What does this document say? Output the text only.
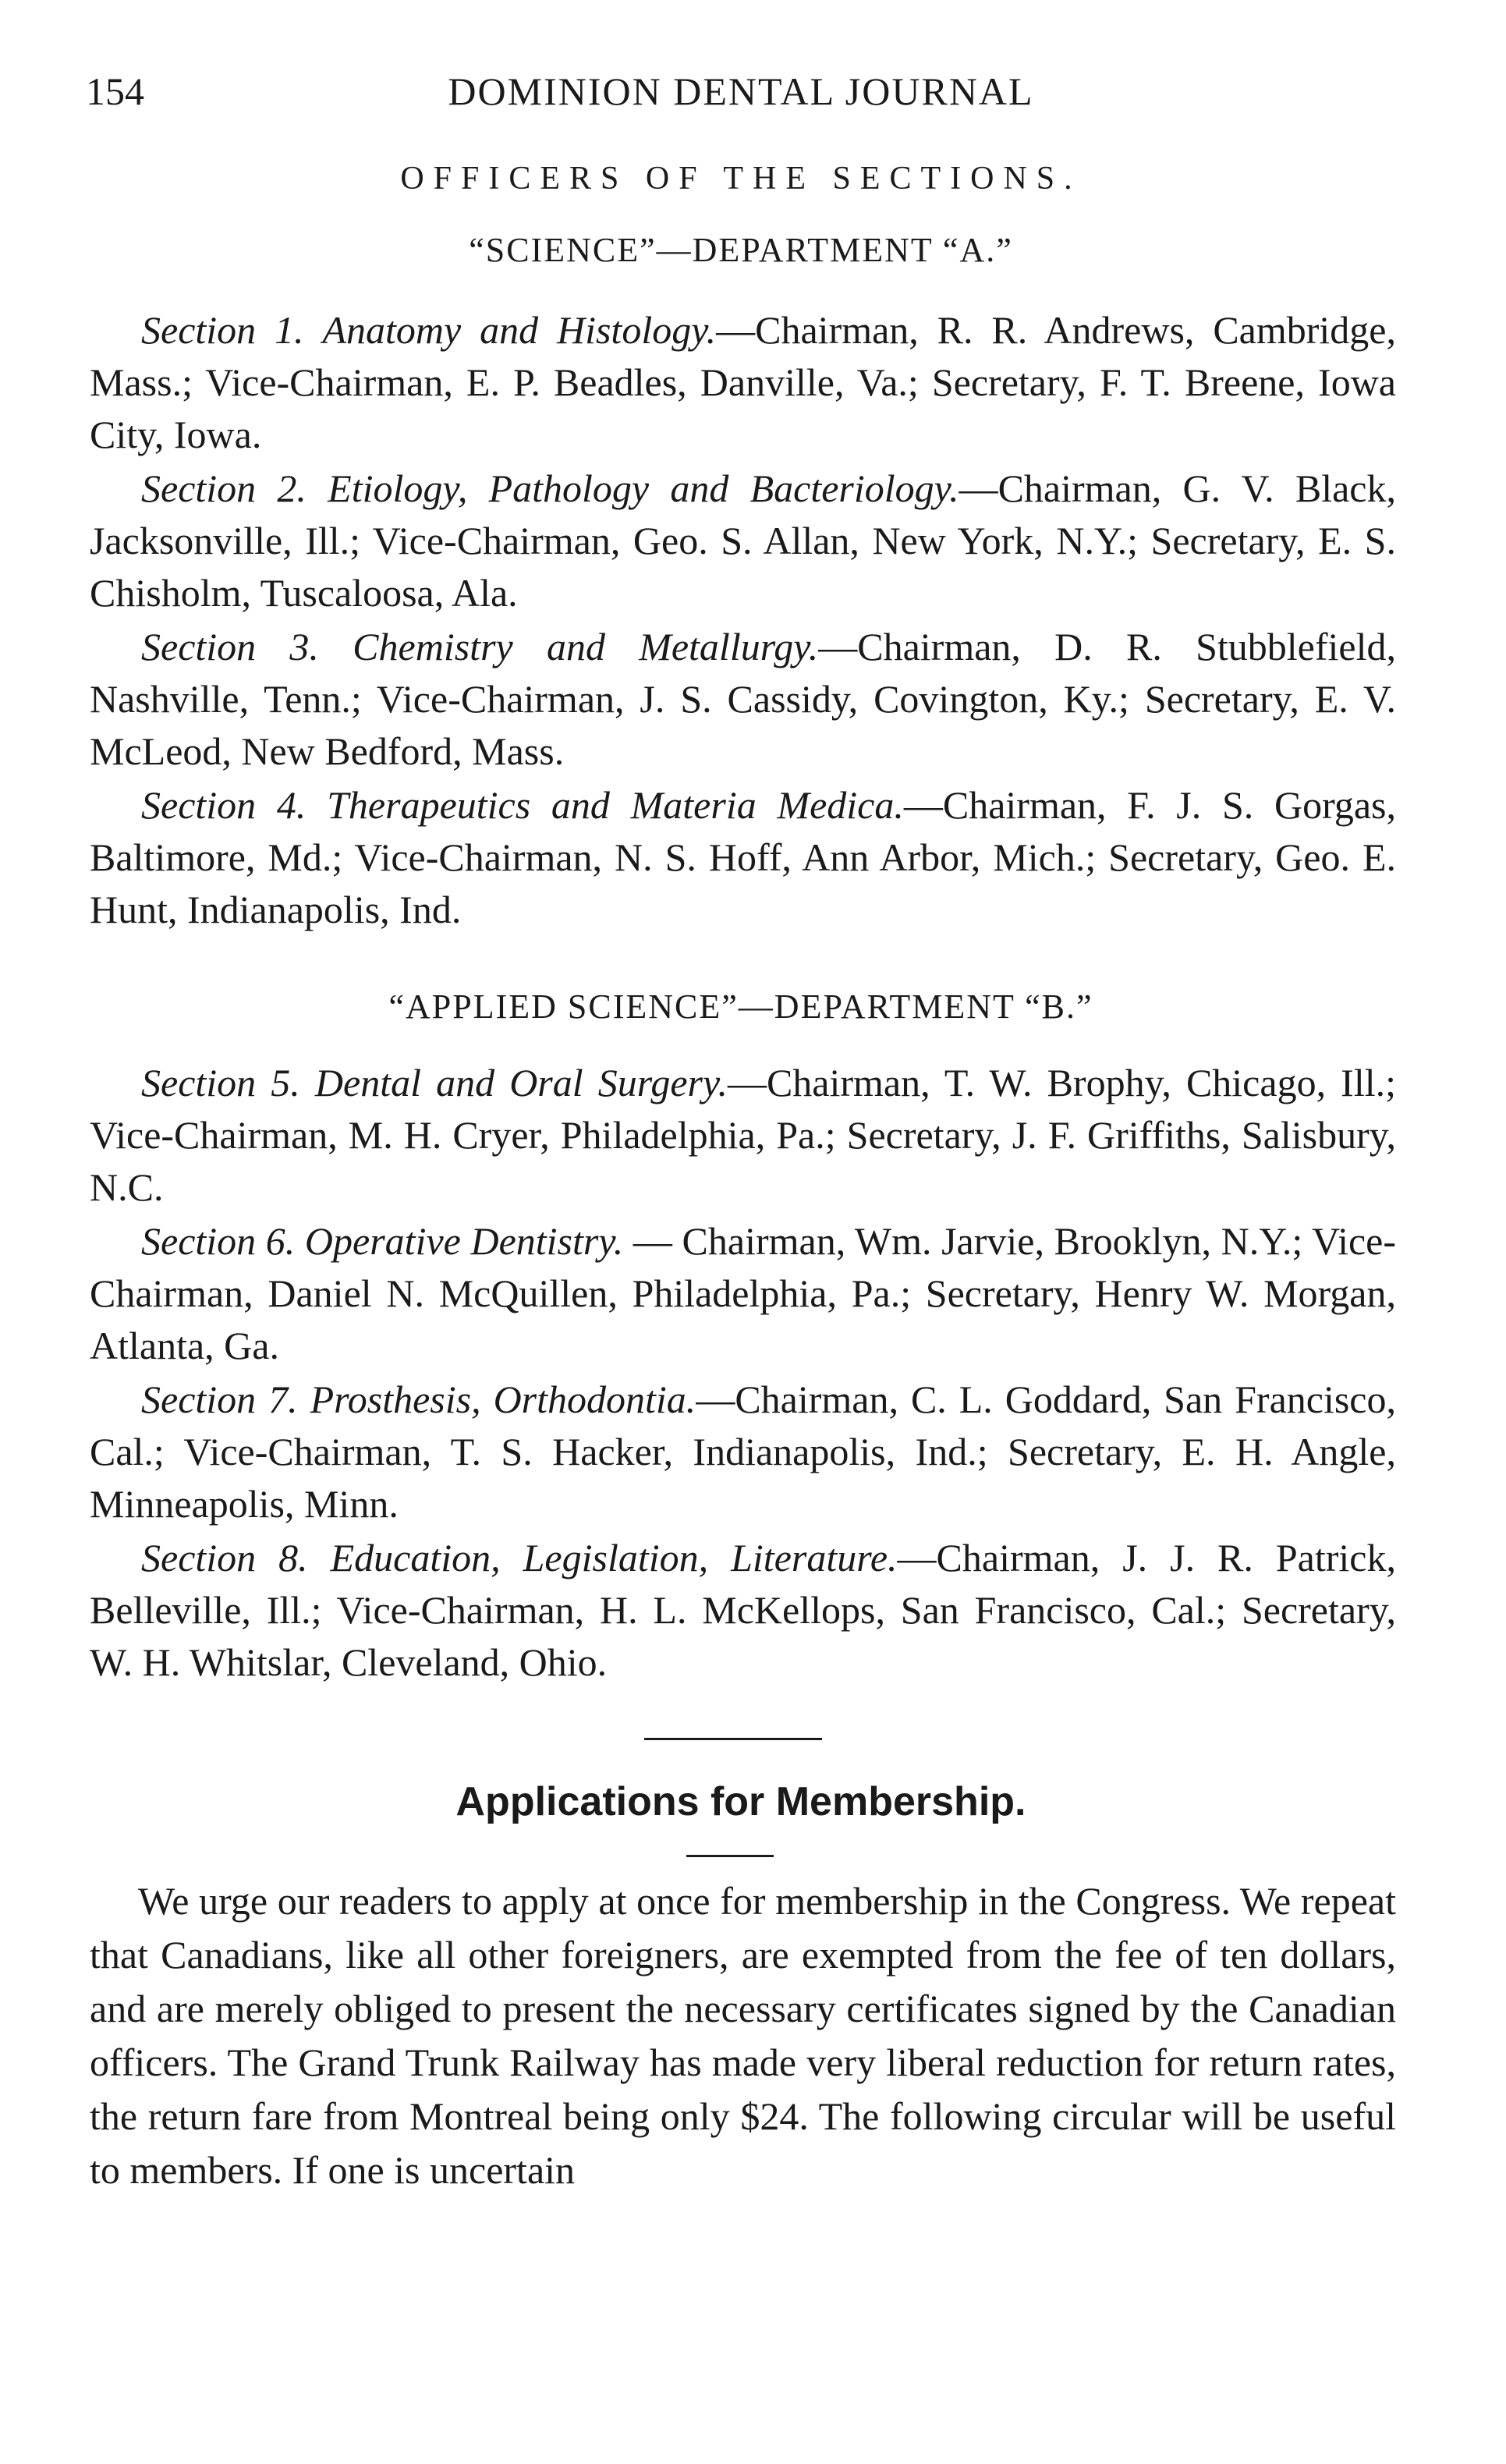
154	DOMINION DENTAL JOURNAL
OFFICERS OF THE SECTIONS.
“SCIENCE”—DEPARTMENT “A.”

Section 1. Anatomy and Histology.—Chairman, R. R. Andrews, Cambridge, Mass.; Vice-Chairman, E. P. Beadles, Danville, Va.; Secretary, F. T. Breene, Iowa City, Iowa.

Section 2. Etiology, Pathology and Bacteriology.—Chairman, G. V. Black, Jacksonville, Ill.; Vice-Chairman, Geo. S. Allan, New York, N.Y.; Secretary, E. S. Chisholm, Tuscaloosa, Ala.

Section 3. Chemistry and Metallurgy.—Chairman, D. R. Stubblefield, Nashville, Tenn.; Vice-Chairman, J. S. Cassidy, Covington, Ky.; Secretary, E. V. McLeod, New Bedford, Mass.

Section 4. Therapeutics and Materia Medica.—Chairman, F. J. S. Gorgas, Baltimore, Md.; Vice-Chairman, N. S. Hoff, Ann Arbor, Mich.; Secretary, Geo. E. Hunt, Indianapolis, Ind.

“APPLIED SCIENCE”—DEPARTMENT “B.”

Section 5. Dental and Oral Surgery.—Chairman, T. W. Brophy, Chicago, Ill.; Vice-Chairman, M. H. Cryer, Philadelphia, Pa.; Secretary, J. F. Griffiths, Salisbury, N.C.

Section 6. Operative Dentistry. — Chairman, Wm. Jarvie, Brooklyn, N.Y.; Vice-Chairman, Daniel N. McQuillen, Philadelphia, Pa.; Secretary, Henry W. Morgan, Atlanta, Ga.

Section 7. Prosthesis, Orthodontia.—Chairman, C. L. Goddard, San Francisco, Cal.; Vice-Chairman, T. S. Hacker, Indianapolis, Ind.; Secretary, E. H. Angle, Minneapolis, Minn.

Section 8. Education, Legislation, Literature.—Chairman, J. J. R. Patrick, Belleville, Ill.; Vice-Chairman, H. L. McKellops, San Francisco, Cal.; Secretary, W. H. Whitslar, Cleveland, Ohio.

Applications for Membership.

We urge our readers to apply at once for membership in the Congress. We repeat that Canadians, like all other foreigners, are exempted from the fee of ten dollars, and are merely obliged to present the necessary certificates signed by the Canadian officers. The Grand Trunk Railway has made very liberal reduction for return rates, the return fare from Montreal being only $24. The following circular will be useful to members. If one is uncertain
